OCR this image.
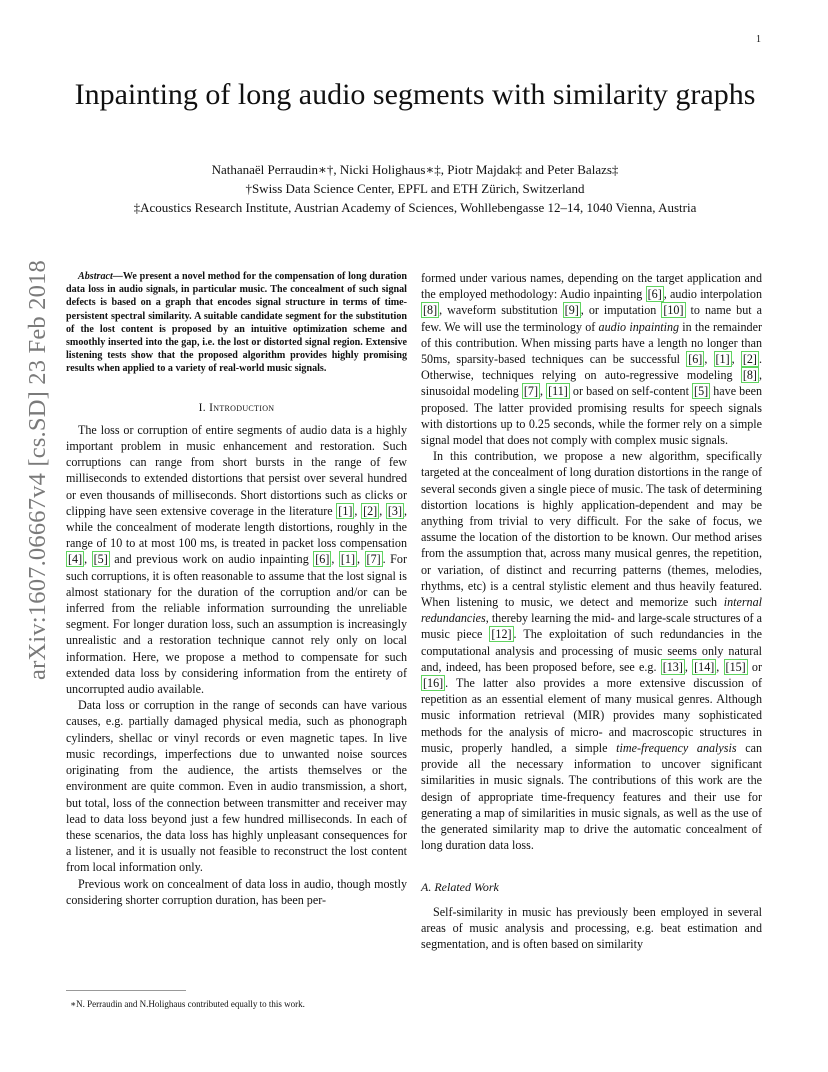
1
arXiv:1607.06667v4 [cs.SD] 23 Feb 2018
Inpainting of long audio segments with similarity graphs
Nathanaël Perraudin∗†, Nicki Holighaus∗‡, Piotr Majdak‡ and Peter Balazs‡
†Swiss Data Science Center, EPFL and ETH Zürich, Switzerland
‡Acoustics Research Institute, Austrian Academy of Sciences, Wohllebengasse 12–14, 1040 Vienna, Austria

Abstract—We present a novel method for the compensation of long duration data loss in audio signals, in particular music. The concealment of such signal defects is based on a graph that encodes signal structure in terms of time-persistent spectral similarity. A suitable candidate segment for the substitution of the lost content is proposed by an intuitive optimization scheme and smoothly inserted into the gap, i.e. the lost or distorted signal region. Extensive listening tests show that the proposed algorithm provides highly promising results when applied to a variety of real-world music signals.

I. Introduction

The loss or corruption of entire segments of audio data is a highly important problem in music enhancement and restoration. Such corruptions can range from short bursts in the range of few milliseconds to extended distortions that persist over several hundred or even thousands of milliseconds. Short distortions such as clicks or clipping have seen extensive coverage in the literature [1] , [2] , [3] , while the concealment of moderate length distortions, roughly in the range of 10 to at most 100 ms, is treated in packet loss compensation [4] , [5] and previous work on audio inpainting [6] , [1] , [7] . For such corruptions, it is often reasonable to assume that the lost signal is almost stationary for the duration of the corruption and/or can be inferred from the reliable information surrounding the unreliable segment. For longer duration loss, such an assumption is increasingly unrealistic and a restoration technique cannot rely only on local information. Here, we propose a method to compensate for such extended data loss by considering information from the entirety of uncorrupted audio available.

Data loss or corruption in the range of seconds can have various causes, e.g. partially damaged physical media, such as phonograph cylinders, shellac or vinyl records or even magnetic tapes. In live music recordings, imperfections due to unwanted noise sources originating from the audience, the artists themselves or the environment are quite common. Even in audio transmission, a short, but total, loss of the connection between transmitter and receiver may lead to data loss beyond just a few hundred milliseconds. In each of these scenarios, the data loss has highly unpleasant consequences for a listener, and it is usually not feasible to reconstruct the lost content from local information only.

Previous work on concealment of data loss in audio, though mostly considering shorter corruption duration, has been per-

formed under various names, depending on the target application and the employed methodology: Audio inpainting [6] , audio interpolation [8] , waveform substitution [9] , or imputation [10] to name but a few. We will use the terminology of audio inpainting in the remainder of this contribution. When missing parts have a length no longer than 50ms, sparsity-based techniques can be successful [6] , [1] , [2] . Otherwise, techniques relying on auto-regressive modeling [8] , sinusoidal modeling [7] , [11] or based on self-content [5] have been proposed. The latter provided promising results for speech signals with distortions up to 0.25 seconds, while the former rely on a simple signal model that does not comply with complex music signals.

In this contribution, we propose a new algorithm, specifically targeted at the concealment of long duration distortions in the range of several seconds given a single piece of music. The task of determining distortion locations is highly application-dependent and may be anything from trivial to very difficult. For the sake of focus, we assume the location of the distortion to be known. Our method arises from the assumption that, across many musical genres, the repetition, or variation, of distinct and recurring patterns (themes, melodies, rhythms, etc) is a central stylistic element and thus heavily featured. When listening to music, we detect and memorize such internal redundancies, thereby learning the mid- and large-scale structures of a music piece [12] . The exploitation of such redundancies in the computational analysis and processing of music seems only natural and, indeed, has been proposed before, see e.g. [13] , [14] , [15] or [16] . The latter also provides a more extensive discussion of repetition as an essential element of many musical genres. Although music information retrieval (MIR) provides many sophisticated methods for the analysis of micro- and macroscopic structures in music, properly handled, a simple time-frequency analysis can provide all the necessary information to uncover significant similarities in music signals. The contributions of this work are the design of appropriate time-frequency features and their use for generating a map of similarities in music signals, as well as the use of the generated similarity map to drive the automatic concealment of long duration data loss.

A. Related Work

Self-similarity in music has previously been employed in several areas of music analysis and processing, e.g. beat estimation and segmentation, and is often based on similarity

∗N. Perraudin and N.Holighaus contributed equally to this work.
